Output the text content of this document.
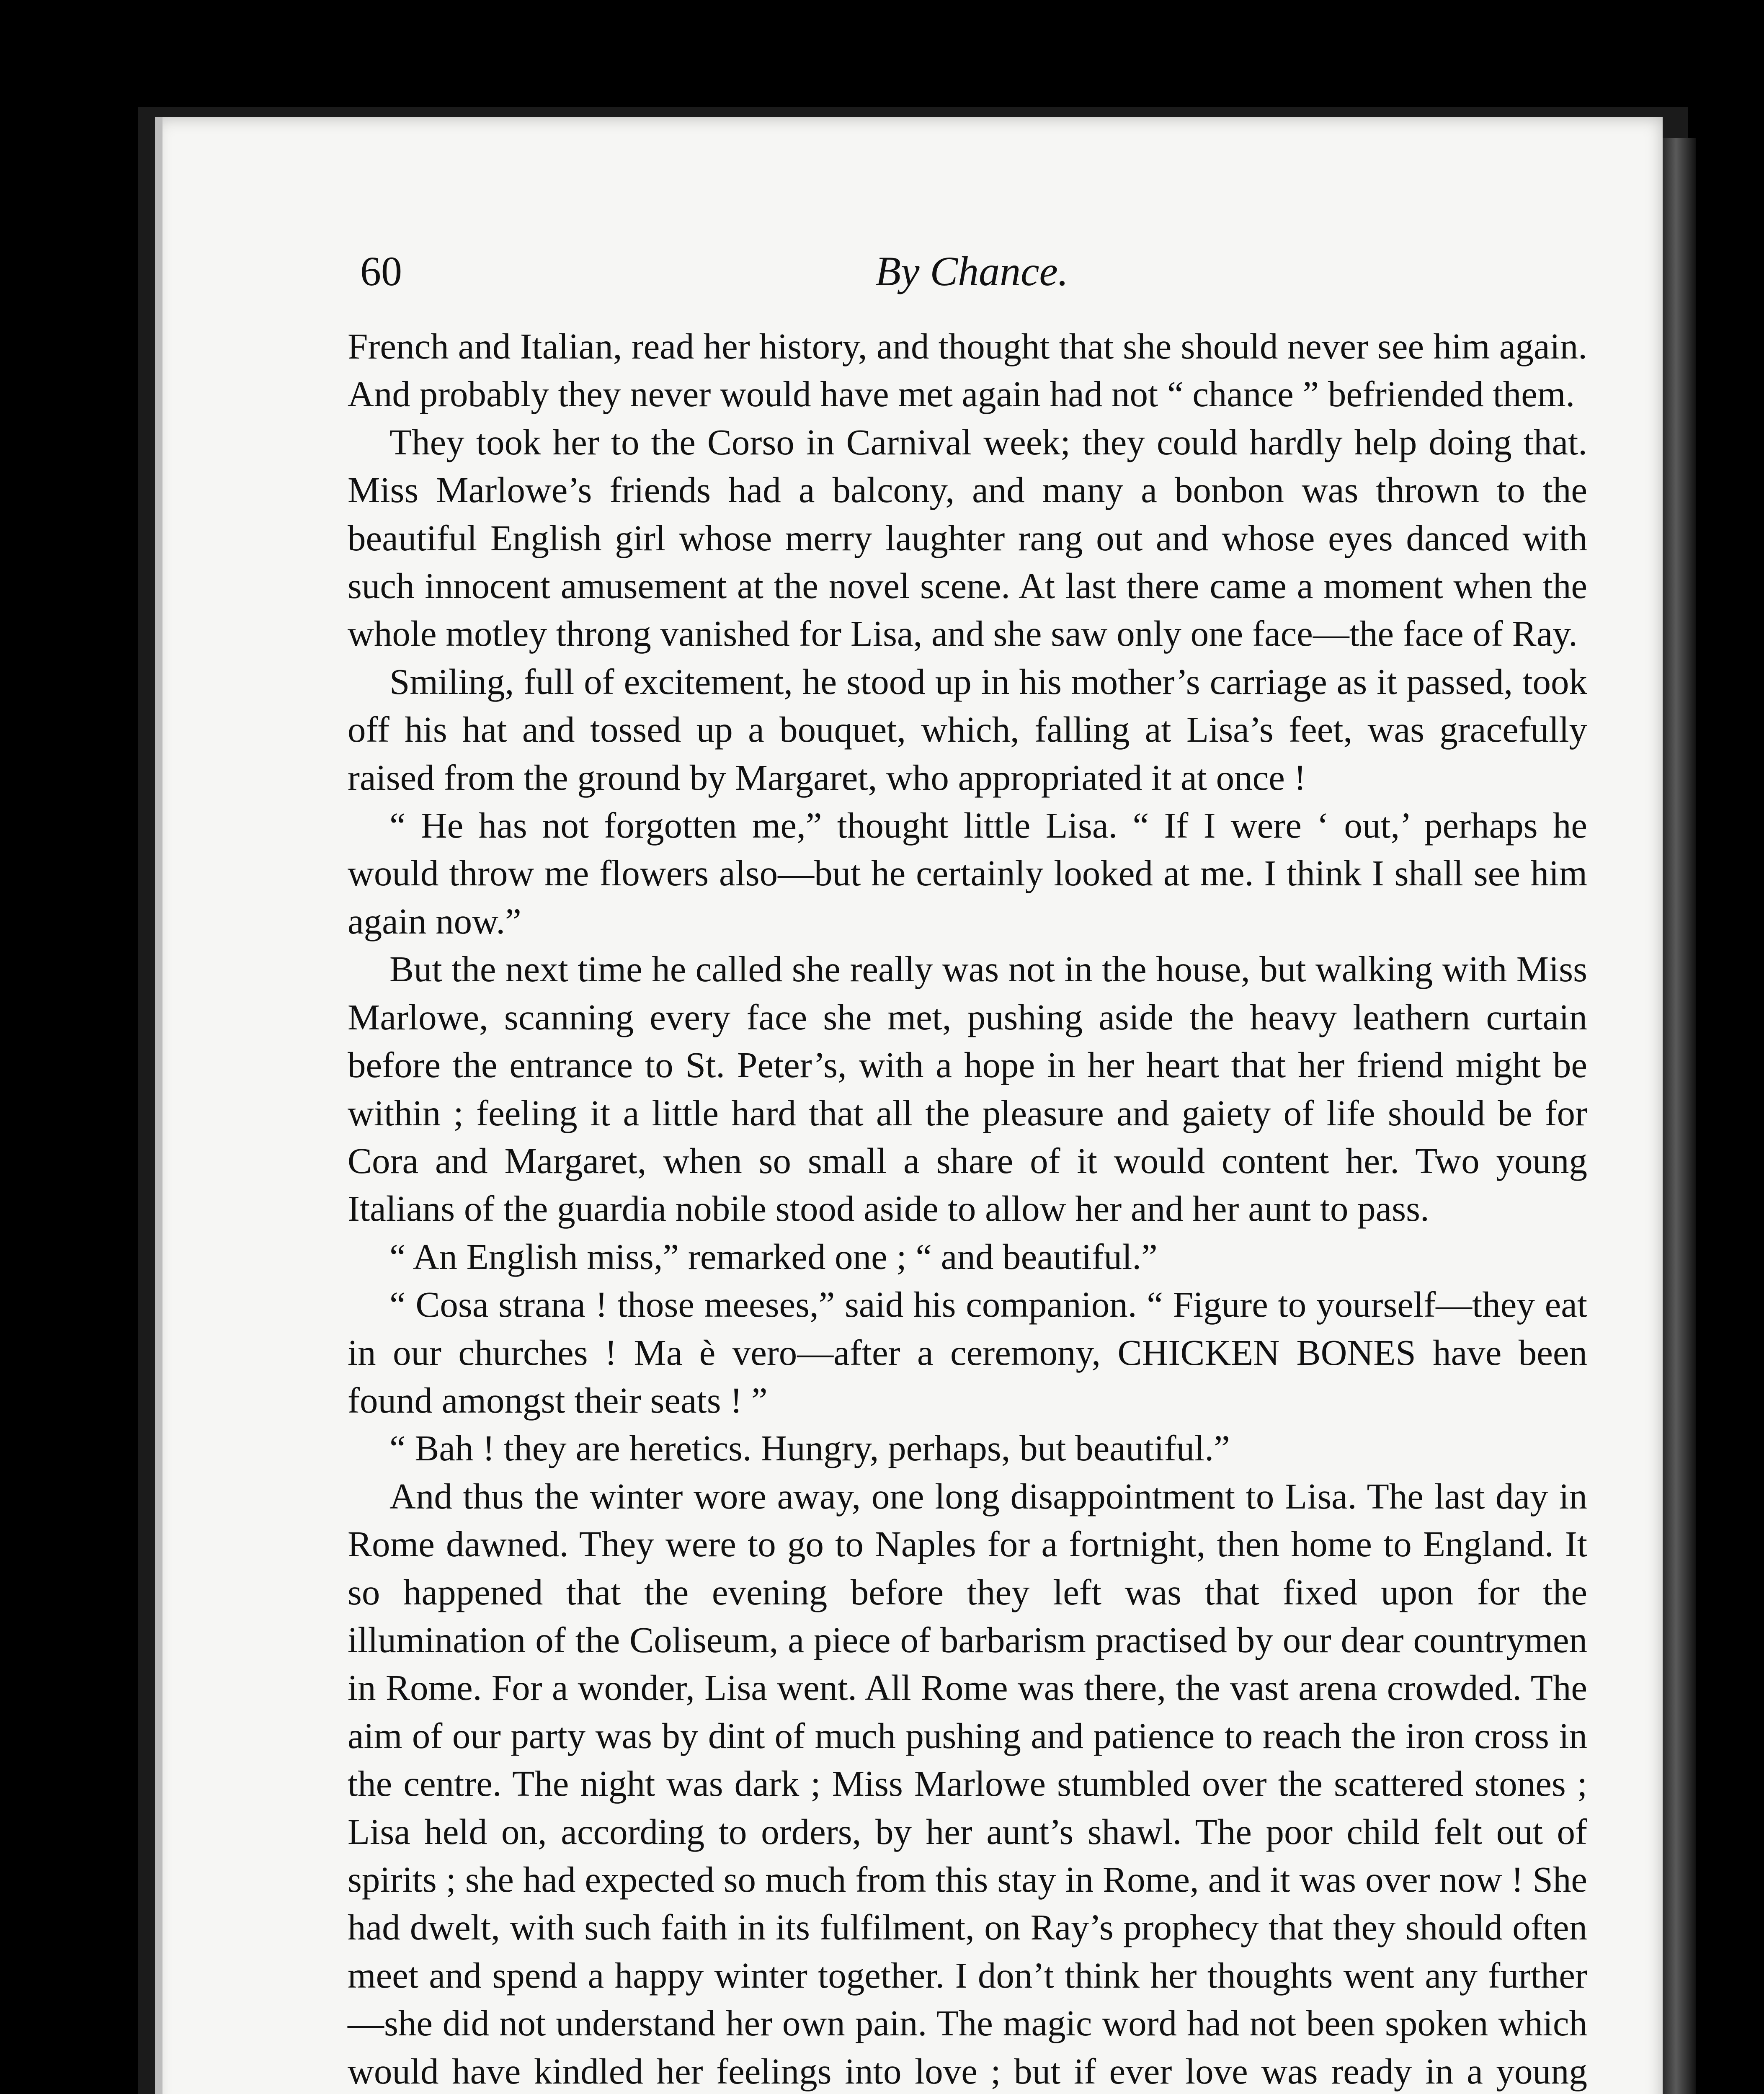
60	By Chance.

French and Italian, read her history, and thought that she should never see him again. And probably they never would have met again had not “ chance ” befriended them.

They took her to the Corso in Carnival week; they could hardly help doing that. Miss Marlowe’s friends had a balcony, and many a bonbon was thrown to the beautiful English girl whose merry laughter rang out and whose eyes danced with such innocent amusement at the novel scene. At last there came a moment when the whole motley throng vanished for Lisa, and she saw only one face—the face of Ray.

Smiling, full of excitement, he stood up in his mother’s carriage as it passed, took off his hat and tossed up a bouquet, which, falling at Lisa’s feet, was gracefully raised from the ground by Margaret, who appropriated it at once !

“ He has not forgotten me,” thought little Lisa. “ If I were ‘ out,’ perhaps he would throw me flowers also—but he certainly looked at me. I think I shall see him again now.”

But the next time he called she really was not in the house, but walking with Miss Marlowe, scanning every face she met, pushing aside the heavy leathern curtain before the entrance to St. Peter’s, with a hope in her heart that her friend might be within ; feeling it a little hard that all the pleasure and gaiety of life should be for Cora and Margaret, when so small a share of it would content her. Two young Italians of the guardia nobile stood aside to allow her and her aunt to pass.

“ An English miss,” remarked one ; “ and beautiful.”

“ Cosa strana ! those meeses,” said his companion. “ Figure to yourself—they eat in our churches ! Ma è vero—after a ceremony, CHICKEN BONES have been found amongst their seats ! ”

“ Bah ! they are heretics. Hungry, perhaps, but beautiful.”

And thus the winter wore away, one long disappointment to Lisa. The last day in Rome dawned. They were to go to Naples for a fortnight, then home to England. It so happened that the evening before they left was that fixed upon for the illumination of the Coliseum, a piece of barbarism practised by our dear countrymen in Rome. For a wonder, Lisa went. All Rome was there, the vast arena crowded. The aim of our party was by dint of much pushing and patience to reach the iron cross in the centre. The night was dark ; Miss Marlowe stumbled over the scattered stones ; Lisa held on, according to orders, by her aunt’s shawl. The poor child felt out of spirits ; she had expected so much from this stay in Rome, and it was over now ! She had dwelt, with such faith in its fulfilment, on Ray’s prophecy that they should often meet and spend a happy winter together. I don’t think her thoughts went any further—she did not understand her own pain. The magic word had not been spoken which would have kindled her feelings into love ; but if ever love was ready in a young
